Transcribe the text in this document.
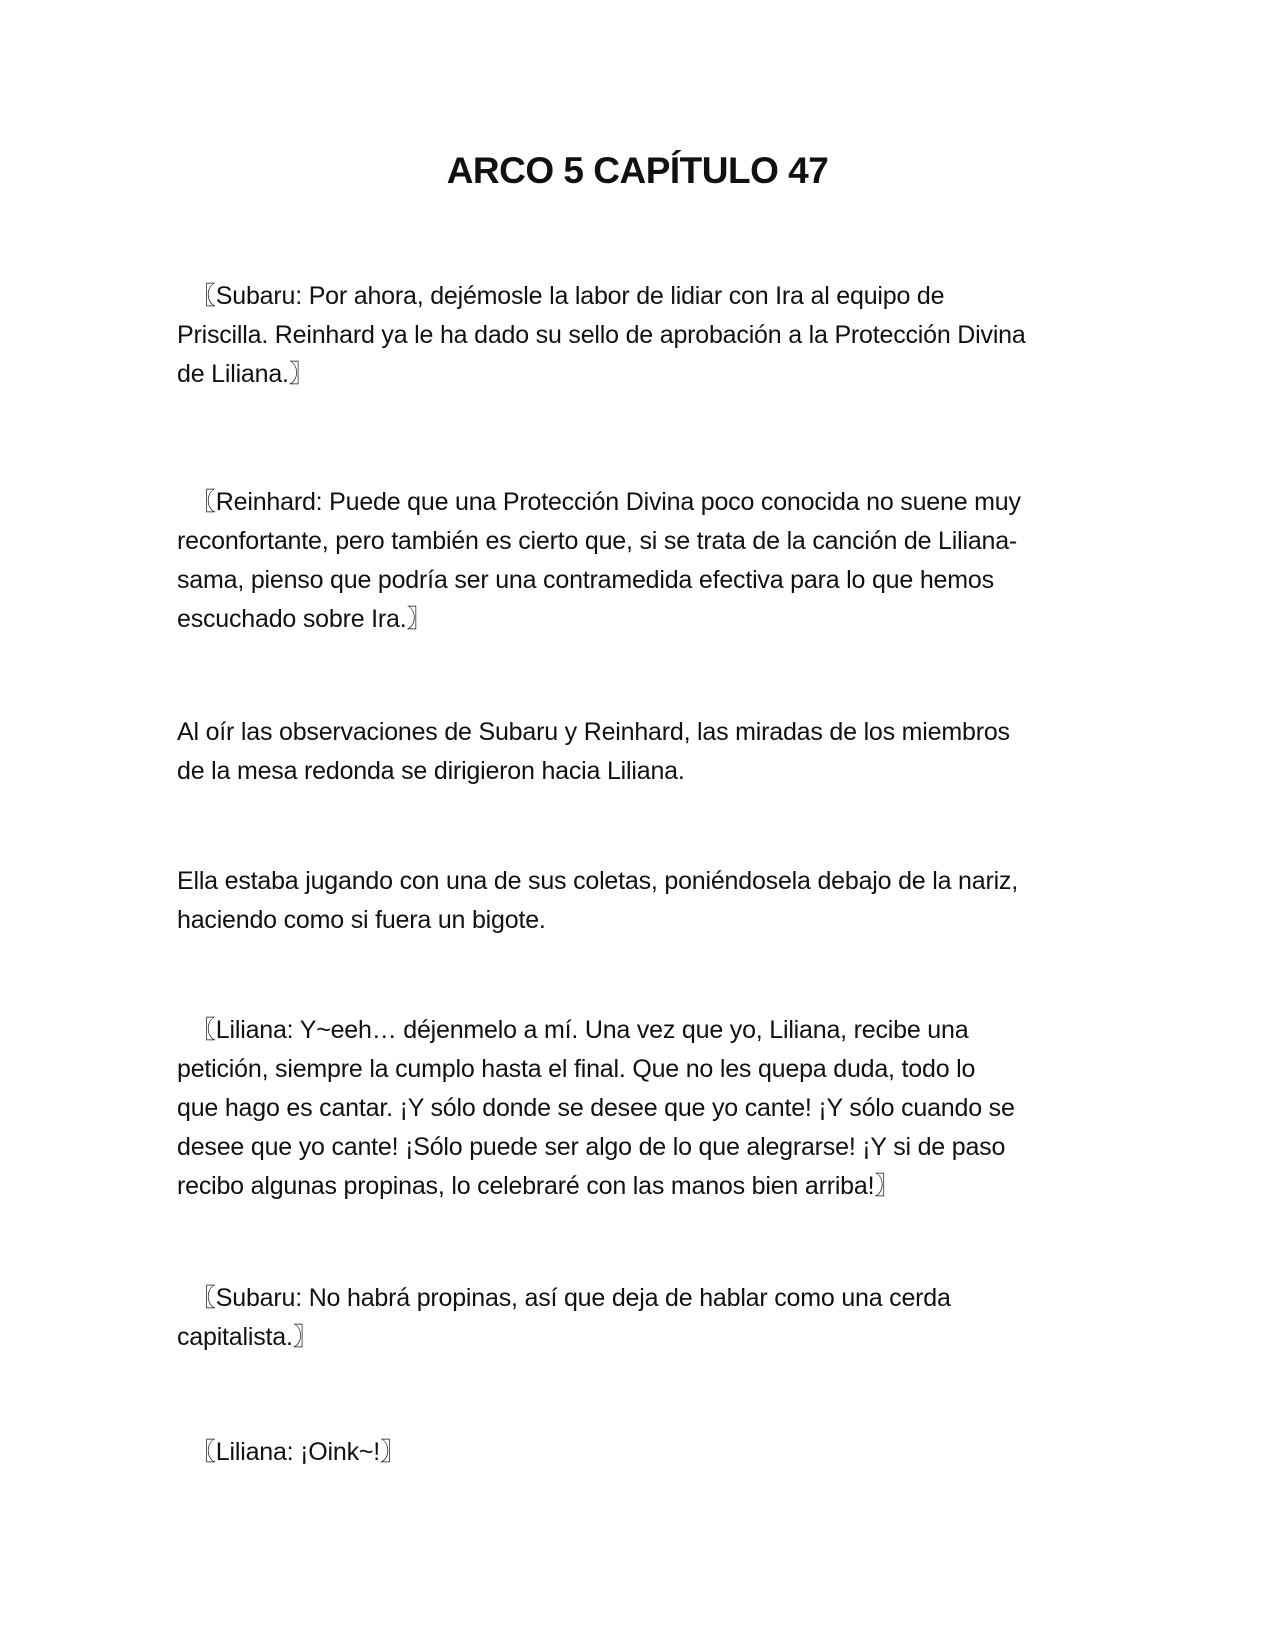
ARCO 5 CAPÍTULO 47
〖Subaru: Por ahora, dejémosle la labor de lidiar con Ira al equipo de
Priscilla. Reinhard ya le ha dado su sello de aprobación a la Protección Divina
de Liliana.〗
〖Reinhard: Puede que una Protección Divina poco conocida no suene muy
reconfortante, pero también es cierto que, si se trata de la canción de Liliana-
sama, pienso que podría ser una contramedida efectiva para lo que hemos
escuchado sobre Ira.〗
Al oír las observaciones de Subaru y Reinhard, las miradas de los miembros
de la mesa redonda se dirigieron hacia Liliana.
Ella estaba jugando con una de sus coletas, poniéndosela debajo de la nariz,
haciendo como si fuera un bigote.
〖Liliana: Y~eeh… déjenmelo a mí. Una vez que yo, Liliana, recibe una
petición, siempre la cumplo hasta el final. Que no les quepa duda, todo lo
que hago es cantar. ¡Y sólo donde se desee que yo cante! ¡Y sólo cuando se
desee que yo cante! ¡Sólo puede ser algo de lo que alegrarse! ¡Y si de paso
recibo algunas propinas, lo celebraré con las manos bien arriba!〗
〖Subaru: No habrá propinas, así que deja de hablar como una cerda
capitalista.〗
〖Liliana: ¡Oink~!〗
